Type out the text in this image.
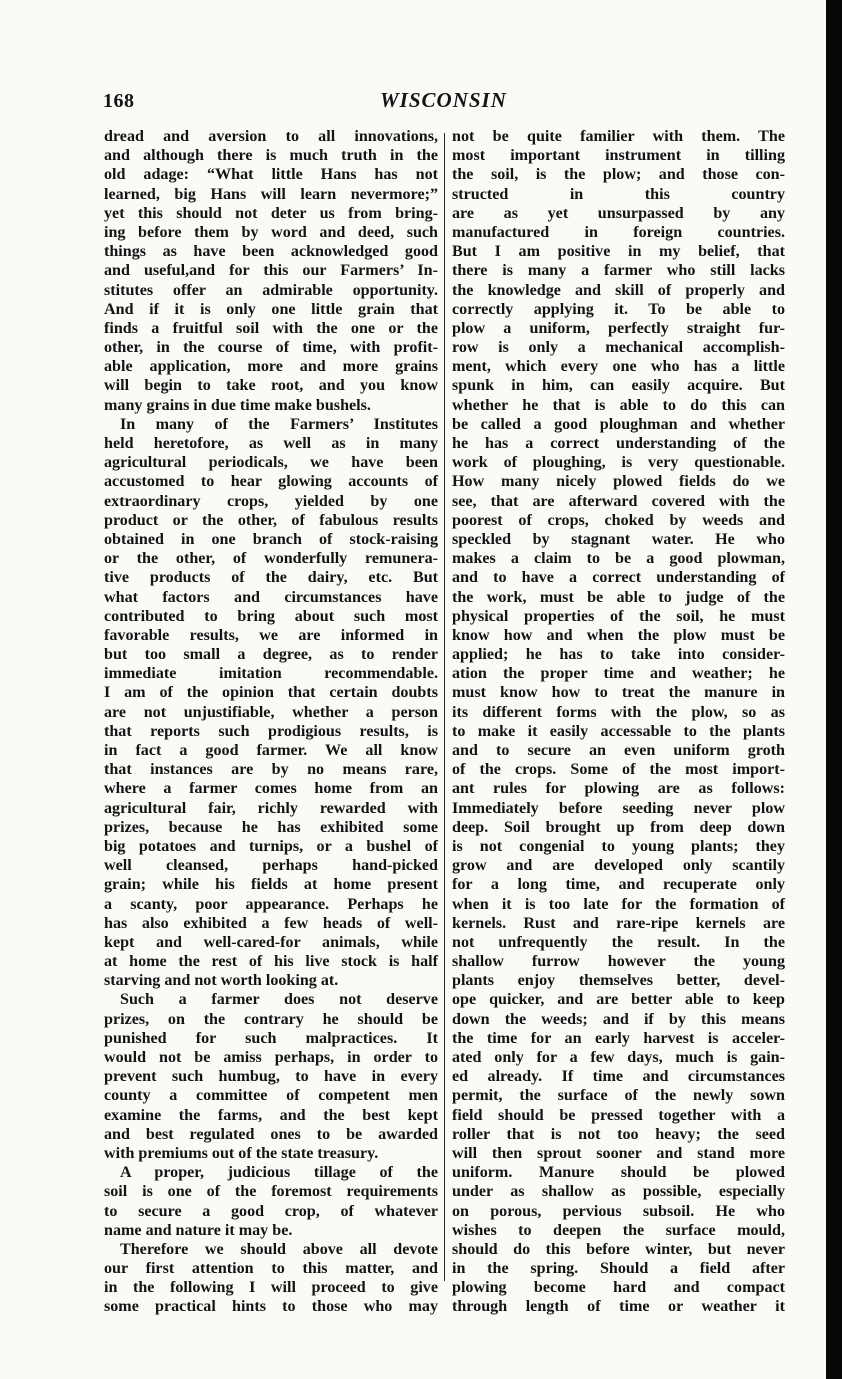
168	WISCONSIN
dread and aversion to all innovations,
and although there is much truth in the
old adage: “What little Hans has not
learned, big Hans will learn nevermore;”
yet this should not deter us from bring-
ing before them by word and deed, such
things as have been acknowledged good
and useful,and for this our Farmers’ In-
stitutes offer an admirable opportunity.
And if it is only one little grain that
finds a fruitful soil with the one or the
other, in the course of time, with profit-
able application, more and more grains
will begin to take root, and you know
many grains in due time make bushels.
In many of the Farmers’ Institutes
held heretofore, as well as in many
agricultural periodicals, we have been
accustomed to hear glowing accounts of
extraordinary crops, yielded by one
product or the other, of fabulous results
obtained in one branch of stock-raising
or the other, of wonderfully remunera-
tive products of the dairy, etc. But
what factors and circumstances have
contributed to bring about such most
favorable results, we are informed in
but too small a degree, as to render
immediate imitation recommendable.
I am of the opinion that certain doubts
are not unjustifiable, whether a person
that reports such prodigious results, is
in fact a good farmer. We all know
that instances are by no means rare,
where a farmer comes home from an
agricultural fair, richly rewarded with
prizes, because he has exhibited some
big potatoes and turnips, or a bushel of
well cleansed, perhaps hand-picked
grain; while his fields at home present
a scanty, poor appearance. Perhaps he
has also exhibited a few heads of well-
kept and well-cared-for animals, while
at home the rest of his live stock is half
starving and not worth looking at.
Such a farmer does not deserve
prizes, on the contrary he should be
punished for such malpractices. It
would not be amiss perhaps, in order to
prevent such humbug, to have in every
county a committee of competent men
examine the farms, and the best kept
and best regulated ones to be awarded
with premiums out of the state treasury.
A proper, judicious tillage of the
soil is one of the foremost requirements
to secure a good crop, of whatever
name and nature it may be.
Therefore we should above all devote
our first attention to this matter, and
in the following I will proceed to give
some practical hints to those who may
not be quite familier with them. The
most important instrument in tilling
the soil, is the plow; and those con-
structed in this country
are as yet unsurpassed by any
manufactured in foreign countries.
But I am positive in my belief, that
there is many a farmer who still lacks
the knowledge and skill of properly and
correctly applying it. To be able to
plow a uniform, perfectly straight fur-
row is only a mechanical accomplish-
ment, which every one who has a little
spunk in him, can easily acquire. But
whether he that is able to do this can
be called a good ploughman and whether
he has a correct understanding of the
work of ploughing, is very questionable.
How many nicely plowed fields do we
see, that are afterward covered with the
poorest of crops, choked by weeds and
speckled by stagnant water. He who
makes a claim to be a good plowman,
and to have a correct understanding of
the work, must be able to judge of the
physical properties of the soil, he must
know how and when the plow must be
applied; he has to take into consider-
ation the proper time and weather; he
must know how to treat the manure in
its different forms with the plow, so as
to make it easily accessable to the plants
and to secure an even uniform groth
of the crops. Some of the most import-
ant rules for plowing are as follows:
Immediately before seeding never plow
deep. Soil brought up from deep down
is not congenial to young plants; they
grow and are developed only scantily
for a long time, and recuperate only
when it is too late for the formation of
kernels. Rust and rare-ripe kernels are
not unfrequently the result. In the
shallow furrow however the young
plants enjoy themselves better, devel-
ope quicker, and are better able to keep
down the weeds; and if by this means
the time for an early harvest is acceler-
ated only for a few days, much is gain-
ed already. If time and circumstances
permit, the surface of the newly sown
field should be pressed together with a
roller that is not too heavy; the seed
will then sprout sooner and stand more
uniform. Manure should be plowed
under as shallow as possible, especially
on porous, pervious subsoil. He who
wishes to deepen the surface mould,
should do this before winter, but never
in the spring. Should a field after
plowing become hard and compact
through length of time or weather it
